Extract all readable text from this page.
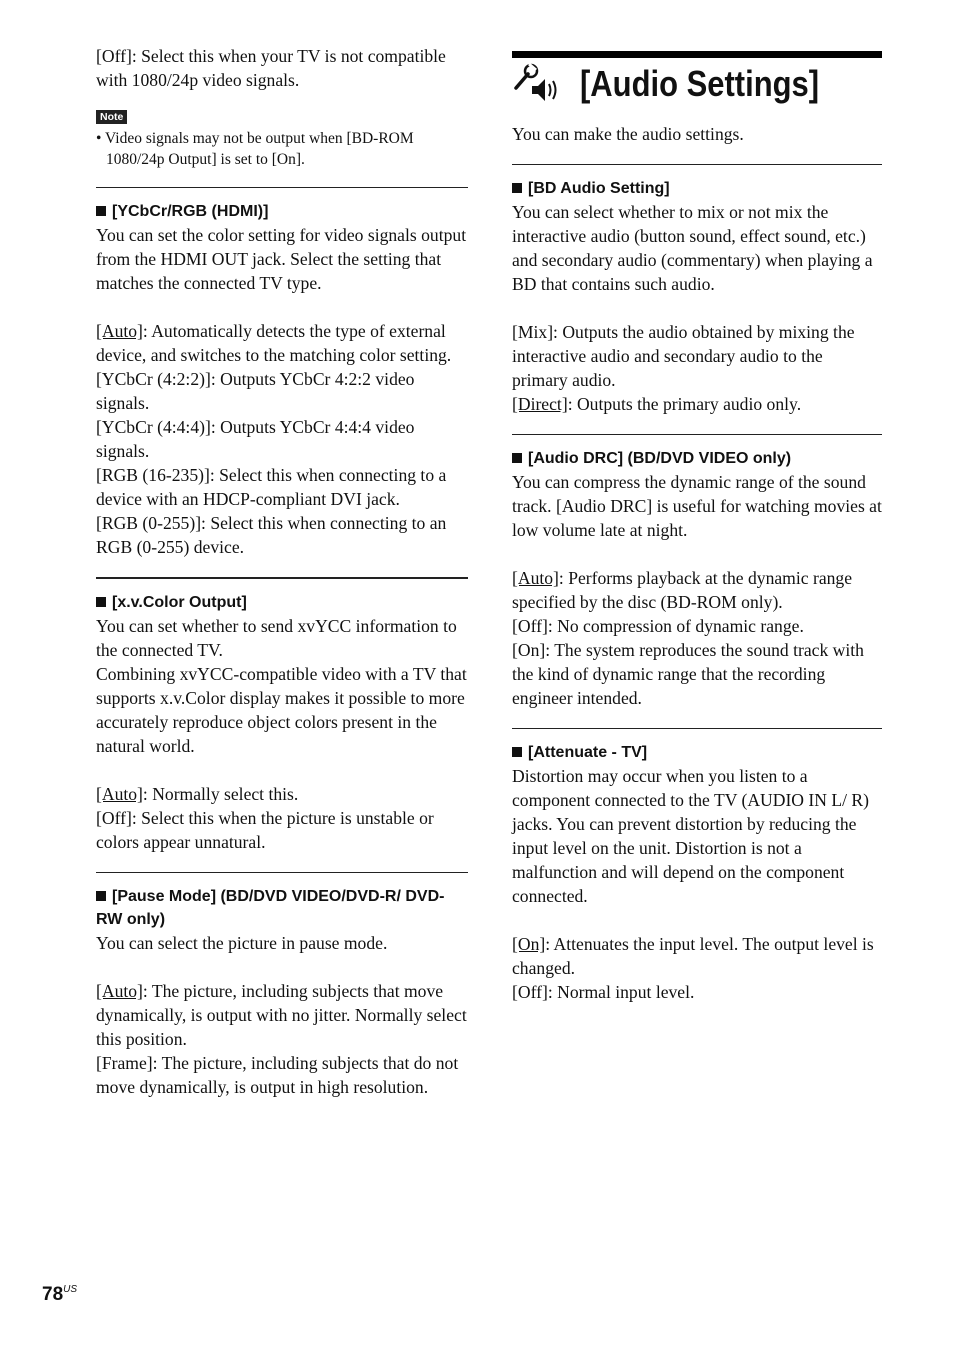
[Off]: Select this when your TV is not compatible with 1080/24p video signals.

Note

• Video signals may not be output when [BD-ROM 1080/24p Output] is set to [On].

[YCbCr/RGB (HDMI)]

You can set the color setting for video signals output from the HDMI OUT jack. Select the setting that matches the connected TV type.

[Auto]: Automatically detects the type of external device, and switches to the matching color setting.

[YCbCr (4:2:2)]: Outputs YCbCr 4:2:2 video signals.

[YCbCr (4:4:4)]: Outputs YCbCr 4:4:4 video signals.

[RGB (16-235)]: Select this when connecting to a device with an HDCP-compliant DVI jack.

[RGB (0-255)]: Select this when connecting to an RGB (0-255) device.

[x.v.Color Output]

You can set whether to send xvYCC information to the connected TV.

Combining xvYCC-compatible video with a TV that supports x.v.Color display makes it possible to more accurately reproduce object colors present in the natural world.

[Auto]: Normally select this.

[Off]: Select this when the picture is unstable or colors appear unnatural.

[Pause Mode] (BD/DVD VIDEO/DVD-R/ DVD-RW only)

You can select the picture in pause mode.

[Auto]: The picture, including subjects that move dynamically, is output with no jitter. Normally select this position.

[Frame]: The picture, including subjects that do not move dynamically, is output in high resolution.

[Audio Settings]

You can make the audio settings.

[BD Audio Setting]

You can select whether to mix or not mix the interactive audio (button sound, effect sound, etc.) and secondary audio (commentary) when playing a BD that contains such audio.

[Mix]: Outputs the audio obtained by mixing the interactive audio and secondary audio to the primary audio.

[Direct]: Outputs the primary audio only.

[Audio DRC] (BD/DVD VIDEO only)

You can compress the dynamic range of the sound track. [Audio DRC] is useful for watching movies at low volume late at night.

[Auto]: Performs playback at the dynamic range specified by the disc (BD-ROM only).

[Off]: No compression of dynamic range.

[On]: The system reproduces the sound track with the kind of dynamic range that the recording engineer intended.

[Attenuate - TV]

Distortion may occur when you listen to a component connected to the TV (AUDIO IN L/ R) jacks. You can prevent distortion by reducing the input level on the unit. Distortion is not a malfunction and will depend on the component connected.

[On]: Attenuates the input level. The output level is changed.

[Off]: Normal input level.

$78^{US}$
